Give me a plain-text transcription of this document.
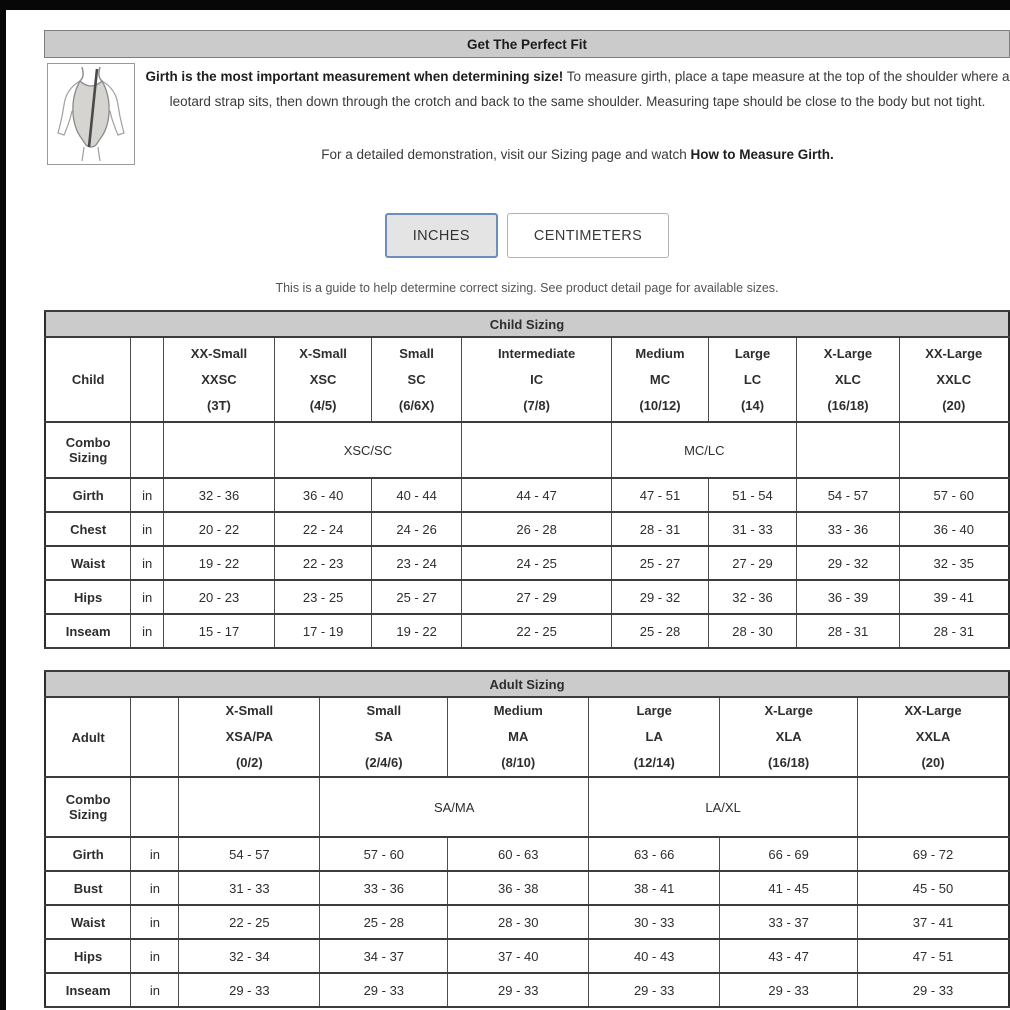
Get The Perfect Fit
Girth is the most important measurement when determining size! To measure girth, place a tape measure at the top of the shoulder where a leotard strap sits, then down through the crotch and back to the same shoulder. Measuring tape should be close to the body but not tight.
For a detailed demonstration, visit our Sizing page and watch How to Measure Girth.
INCHES	CENTIMETERS

This is a guide to help determine correct sizing. See product detail page for available sizes.

Child Sizing									
Child		XX-Small
XXSC
(3T)	X-Small
XSC
(4/5)	Small
SC
(6/6X)	Intermediate
IC
(7/8)	Medium
MC
(10/12)	Large
LC
(14)	X-Large
XLC
(16/18)	XX-Large
XXLC
(20)
Combo Sizing			XSC/SC			MC/LC			
Girth	in	32 - 36	36 - 40	40 - 44	44 - 47	47 - 51	51 - 54	54 - 57	57 - 60
Chest	in	20 - 22	22 - 24	24 - 26	26 - 28	28 - 31	31 - 33	33 - 36	36 - 40
Waist	in	19 - 22	22 - 23	23 - 24	24 - 25	25 - 27	27 - 29	29 - 32	32 - 35
Hips	in	20 - 23	23 - 25	25 - 27	27 - 29	29 - 32	32 - 36	36 - 39	39 - 41
Inseam	in	15 - 17	17 - 19	19 - 22	22 - 25	25 - 28	28 - 30	28 - 31	28 - 31
Adult Sizing							
Adult		X-Small
XSA/PA
(0/2)	Small
SA
(2/4/6)	Medium
MA
(8/10)	Large
LA
(12/14)	X-Large
XLA
(16/18)	XX-Large
XXLA
(20)
Combo Sizing			SA/MA		LA/XL		
Girth	in	54 - 57	57 - 60	60 - 63	63 - 66	66 - 69	69 - 72
Bust	in	31 - 33	33 - 36	36 - 38	38 - 41	41 - 45	45 - 50
Waist	in	22 - 25	25 - 28	28 - 30	30 - 33	33 - 37	37 - 41
Hips	in	32 - 34	34 - 37	37 - 40	40 - 43	43 - 47	47 - 51
Inseam	in	29 - 33	29 - 33	29 - 33	29 - 33	29 - 33	29 - 33
